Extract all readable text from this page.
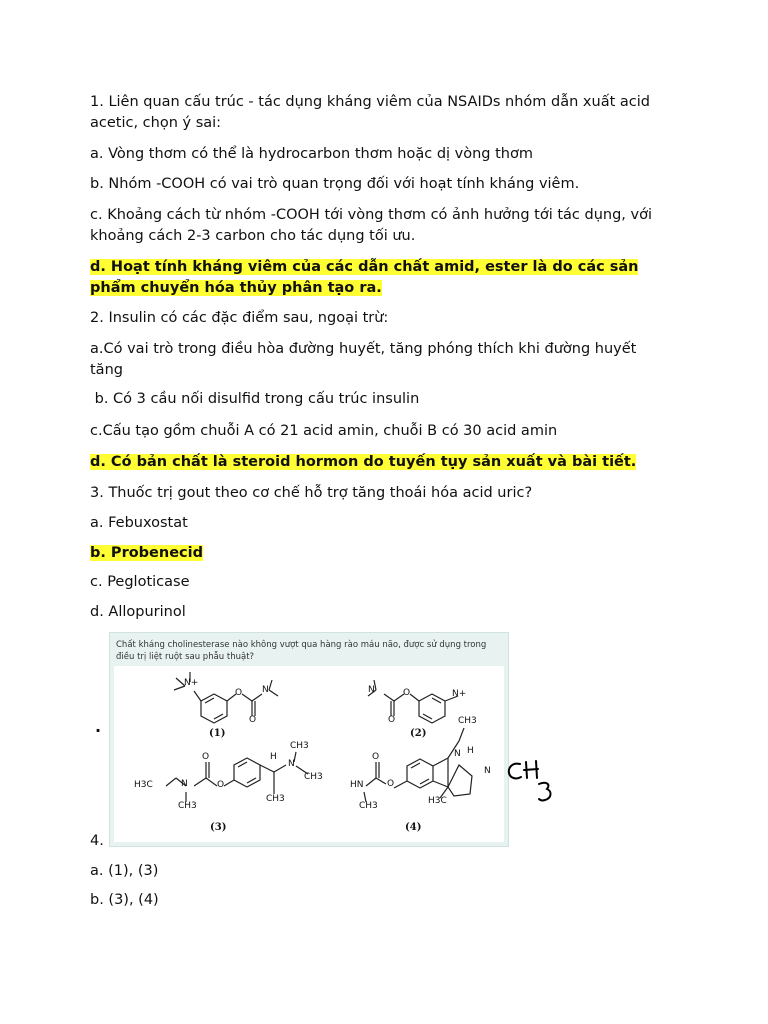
1. Liên quan cấu trúc - tác dụng kháng viêm của NSAIDs nhóm dẫn xuất acid acetic, chọn ý sai:

a. Vòng thơm có thể là hydrocarbon thơm hoặc dị vòng thơm

b. Nhóm -COOH có vai trò quan trọng đối với hoạt tính kháng viêm.

c. Khoảng cách từ nhóm -COOH tới vòng thơm có ảnh hưởng tới tác dụng, với khoảng cách 2-3 carbon cho tác dụng tối ưu.

d. Hoạt tính kháng viêm của các dẫn chất amid, ester là do các sản phẩm chuyển hóa thủy phân tạo ra.

2. Insulin có các đặc điểm sau, ngoại trừ:

a.Có vai trò trong điều hòa đường huyết, tăng phóng thích khi đường huyết tăng

b. Có 3 cầu nối disulfid trong cấu trúc insulin

c.Cấu tạo gồm chuỗi A có 21 acid amin, chuỗi B có 30 acid amin

d. Có bản chất là steroid hormon do tuyến tụy sản xuất và bài tiết.

3. Thuốc trị gout theo cơ chế hỗ trợ tăng thoái hóa acid uric?

a. Febuxostat

b. Probenecid

c. Pegloticase

d. Allopurinol

.
Chất kháng cholinesterase nào không vượt qua hàng rào máu não, được sử dụng trong điều trị liệt ruột sau phẫu thuật?
N+
O
O
N	N	O
O
N+
H3C	N
CH3
O
O	H
N
CH3
CH3
CH3
HN
CH3
O
O	N
CH3
H
N
H3C
(1)	(2)
(3)	(4)

4.

a. (1), (3)

b. (3), (4)
